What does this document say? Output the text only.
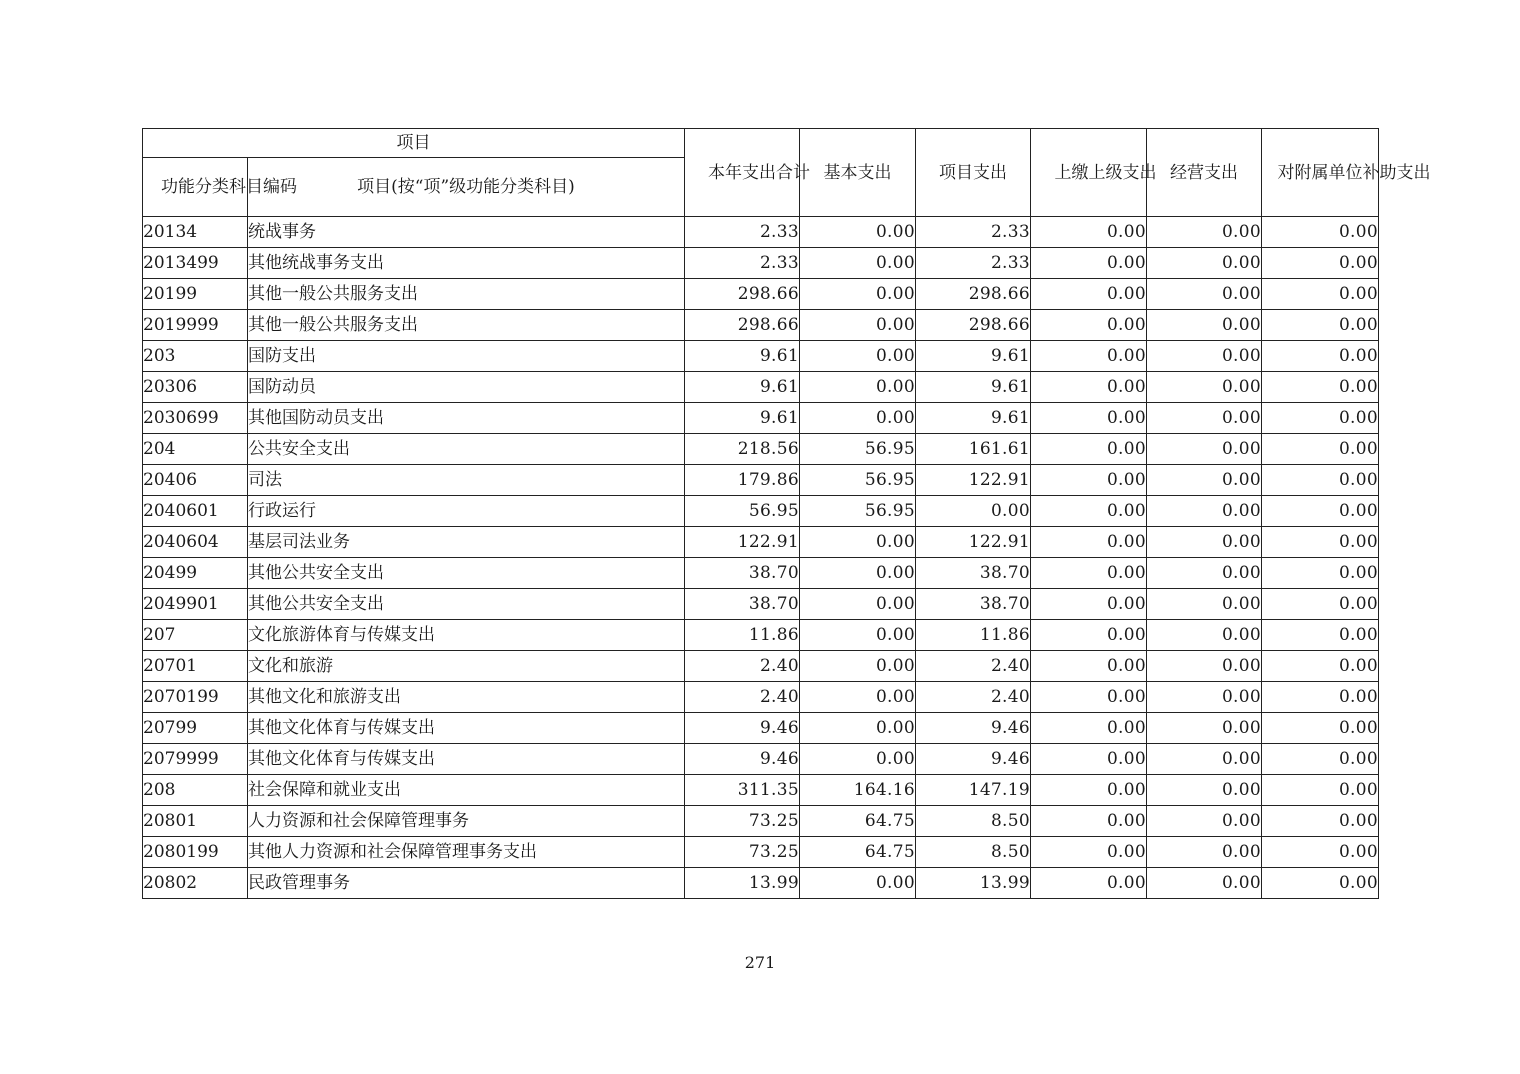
项目		本年支出合计	基本支出	项目支出	上缴上级支出	经营支出	对附属单位补助支出

功能分类科目编码	项目(按“项”级功能分类科目)						
20134	统战事务	2.33	0.00	2.33	0.00	0.00	0.00
2013499	其他统战事务支出	2.33	0.00	2.33	0.00	0.00	0.00
20199	其他一般公共服务支出	298.66	0.00	298.66	0.00	0.00	0.00
2019999	其他一般公共服务支出	298.66	0.00	298.66	0.00	0.00	0.00
203	国防支出	9.61	0.00	9.61	0.00	0.00	0.00
20306	国防动员	9.61	0.00	9.61	0.00	0.00	0.00
2030699	其他国防动员支出	9.61	0.00	9.61	0.00	0.00	0.00
204	公共安全支出	218.56	56.95	161.61	0.00	0.00	0.00
20406	司法	179.86	56.95	122.91	0.00	0.00	0.00
2040601	行政运行	56.95	56.95	0.00	0.00	0.00	0.00
2040604	基层司法业务	122.91	0.00	122.91	0.00	0.00	0.00
20499	其他公共安全支出	38.70	0.00	38.70	0.00	0.00	0.00
2049901	其他公共安全支出	38.70	0.00	38.70	0.00	0.00	0.00
207	文化旅游体育与传媒支出	11.86	0.00	11.86	0.00	0.00	0.00
20701	文化和旅游	2.40	0.00	2.40	0.00	0.00	0.00
2070199	其他文化和旅游支出	2.40	0.00	2.40	0.00	0.00	0.00
20799	其他文化体育与传媒支出	9.46	0.00	9.46	0.00	0.00	0.00
2079999	其他文化体育与传媒支出	9.46	0.00	9.46	0.00	0.00	0.00
208	社会保障和就业支出	311.35	164.16	147.19	0.00	0.00	0.00
20801	人力资源和社会保障管理事务	73.25	64.75	8.50	0.00	0.00	0.00
2080199	其他人力资源和社会保障管理事务支出	73.25	64.75	8.50	0.00	0.00	0.00
20802	民政管理事务	13.99	0.00	13.99	0.00	0.00	0.00
271
